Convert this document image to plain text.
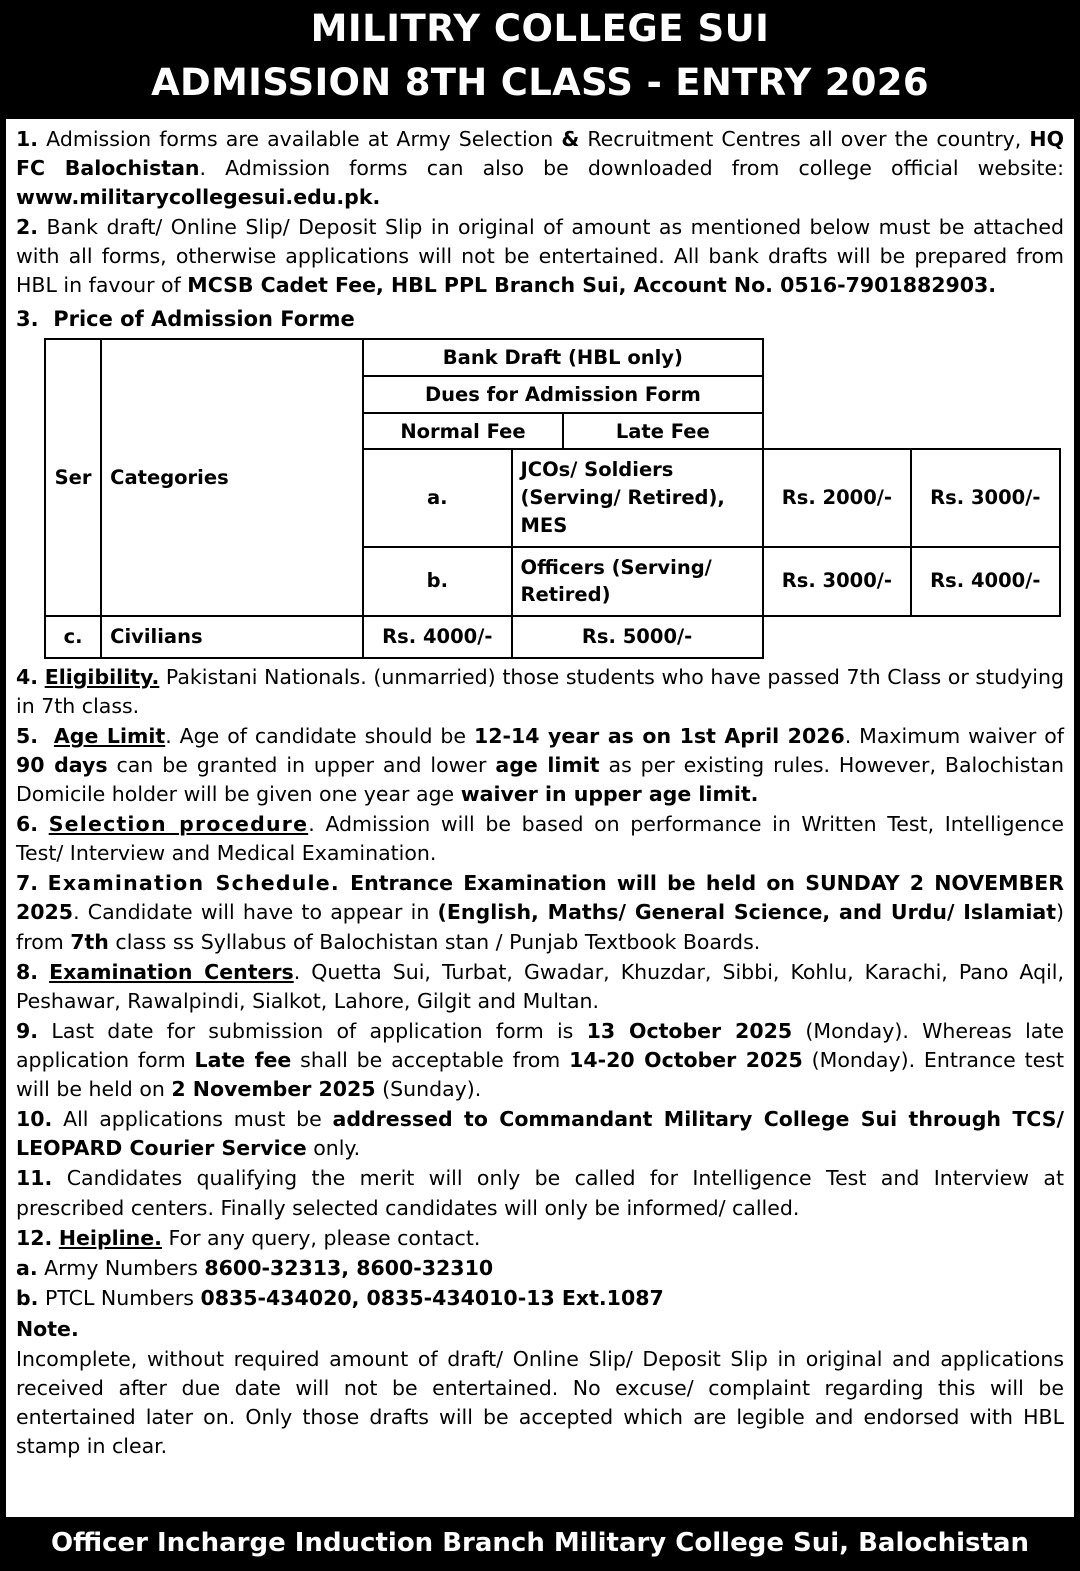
MILITRY COLLEGE SUI
ADMISSION 8TH CLASS - ENTRY 2026

1. Admission forms are available at Army Selection & Recruitment Centres all over the country, HQ FC Balochistan. Admission forms can also be downloaded from college official website: www.militarycollegesui.edu.pk.

2. Bank draft/ Online Slip/ Deposit Slip in original of amount as mentioned below must be attached with all forms, otherwise applications will not be entertained. All bank drafts will be prepared from HBL in favour of MCSB Cadet Fee, HBL PPL Branch Sui, Account No. 0516-7901882903.

3. Price of Admission Forme

Ser	Categories	Bank Draft (HBL only)
Dues for Admission Form
Normal Fee Late Fee			

		a.	JCOs/ Soldiers (Serving/ Retired), MES	Rs. 2000/-	Rs. 3000/-
		b.	Officers (Serving/ Retired)	Rs. 3000/-	Rs. 4000/-
c.	Civilians	Rs. 4000/-	Rs. 5000/-		

4. Eligibility. Pakistani Nationals. (unmarried) those students who have passed 7th Class or studying in 7th class.

5. Age Limit. Age of candidate should be 12-14 year as on 1st April 2026. Maximum waiver of 90 days can be granted in upper and lower age limit as per existing rules. However, Balochistan Domicile holder will be given one year age waiver in upper age limit.

6. Selection procedure. Admission will be based on performance in Written Test, Intelligence Test/ Interview and Medical Examination.

7. Examination Schedule. Entrance Examination will be held on SUNDAY 2 NOVEMBER 2025. Candidate will have to appear in (English, Maths/ General Science, and Urdu/ Islamiat) from 7th class ss Syllabus of Balochistan stan / Punjab Textbook Boards.

8. Examination Centers. Quetta Sui, Turbat, Gwadar, Khuzdar, Sibbi, Kohlu, Karachi, Pano Aqil, Peshawar, Rawalpindi, Sialkot, Lahore, Gilgit and Multan.

9. Last date for submission of application form is 13 October 2025 (Monday). Whereas late application form Late fee shall be acceptable from 14-20 October 2025 (Monday). Entrance test will be held on 2 November 2025 (Sunday).

10. All applications must be addressed to Commandant Military College Sui through TCS/ LEOPARD Courier Service only.

11. Candidates qualifying the merit will only be called for Intelligence Test and Interview at prescribed centers. Finally selected candidates will only be informed/ called.

12. Heipline. For any query, please contact.

a. Army Numbers 8600-32313, 8600-32310

b. PTCL Numbers 0835-434020, 0835-434010-13 Ext.1087

Note.

Incomplete, without required amount of draft/ Online Slip/ Deposit Slip in original and applications received after due date will not be entertained. No excuse/ complaint regarding this will be entertained later on. Only those drafts will be accepted which are legible and endorsed with HBL stamp in clear.

Officer Incharge Induction Branch Military College Sui, Balochistan
